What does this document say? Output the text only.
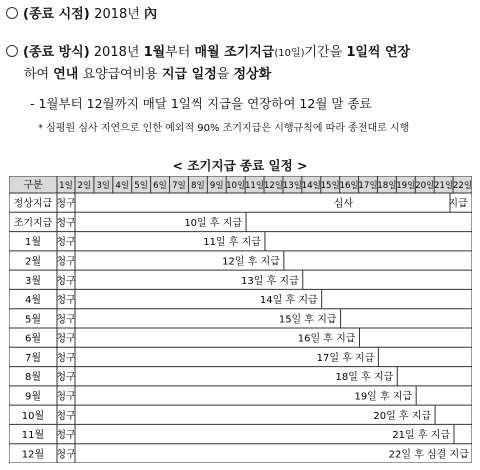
(종료 시점) 2018년 內
(종료 방식) 2018년 1월부터 매월 조기지급(10일)기간을 1일씩 연장
하여 연내 요양급여비용 지급 일정을 정상화
- 1월부터 12월까지 매달 1일씩 지급을 연장하여 12월 말 종료
* 심평원 심사 지연으로 인한 예외적 90% 조기지급은 시행규칙에 따라 종전대로 시행
< 조기지급 종료 일정 >
구분 1일 2일 3일 4일 5일 6일 7일 8일 9일 10일 11일 12일 13일 14일 15일 16일 17일 18일 19일 20일 21일 22일
정상지급 청구	심사	지급
조기지급 청구	10일 후 지급
1월 청구	11일 후 지급
2월 청구	12일 후 지급
3월 청구	13일 후 지급
4월 청구	14일 후 지급
5월 청구	15일 후 지급
6월 청구	16일 후 지급
7월 청구	17일 후 지급
8월 청구	18일 후 지급
9월 청구	19일 후 지급
10월 청구	20일 후 지급
11월 청구	21일 후 지급
12월 청구	22일 후 심결 지급
